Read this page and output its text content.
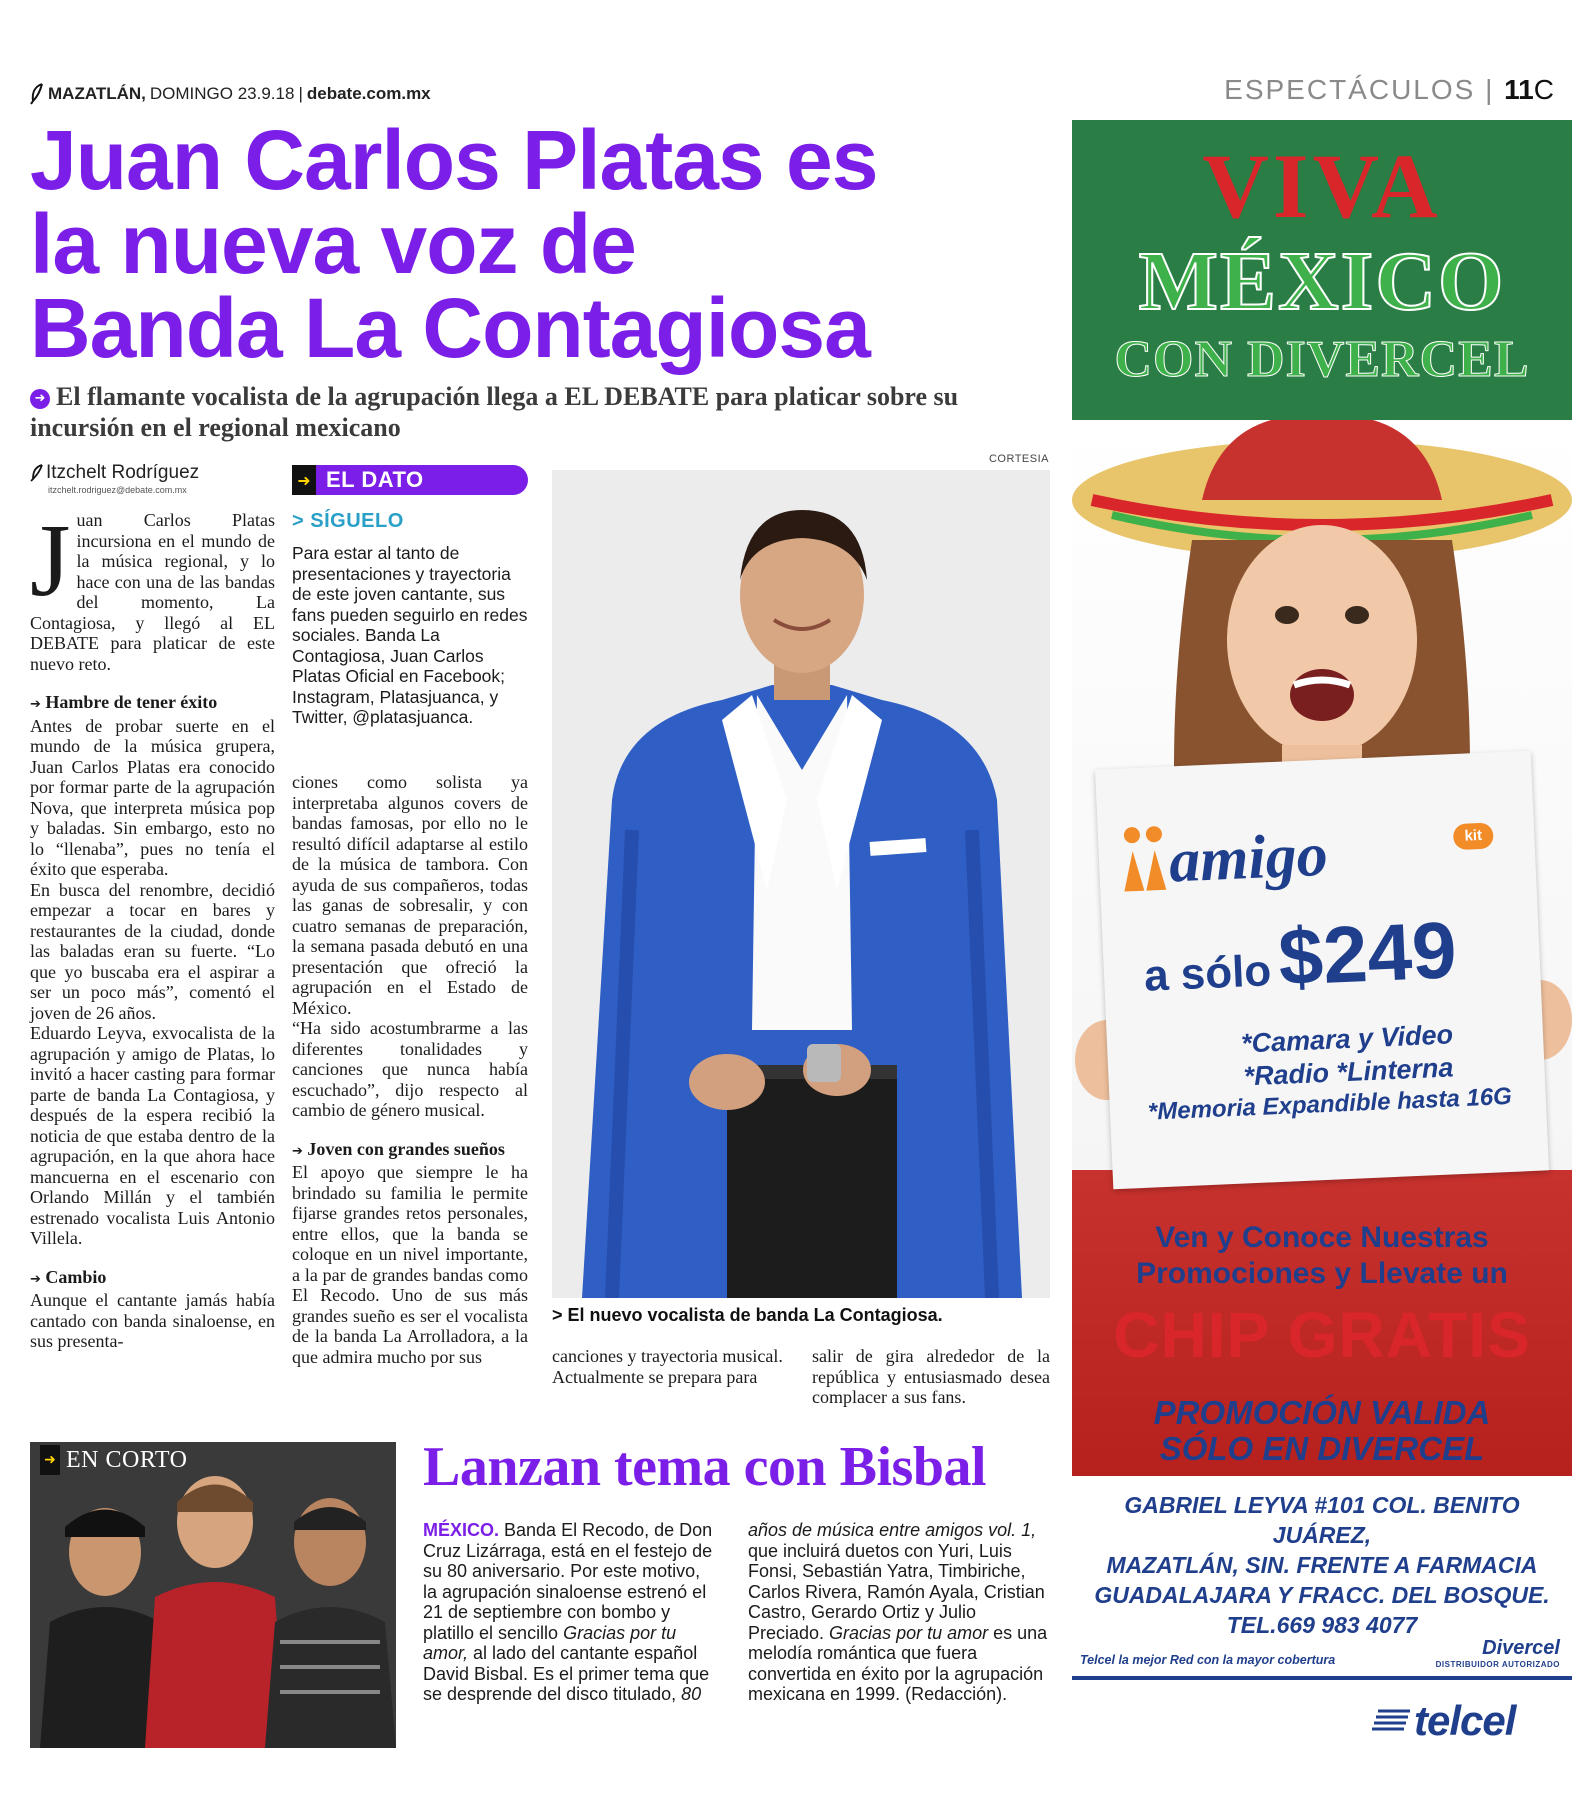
MAZATLÁN, DOMINGO 23.9.18 | debate.com.mx	ESPECTÁCULOS | 11C
Juan Carlos Platas es
la nueva voz de
Banda La Contagiosa
➜ El flamante vocalista de la agrupación llega a EL DEBATE para platicar sobre su incursión en el regional mexicano
Itzchelt Rodríguez
itzchelt.rodriguez@debate.com.mx

Juan Carlos Platas incursiona en el mundo de la música regional, y lo hace con una de las bandas del momento, La Contagiosa, y llegó al EL DEBATE para platicar de este nuevo reto.

➔ Hambre de tener éxito

Antes de probar suerte en el mundo de la música grupera, Juan Carlos Platas era conocido por formar parte de la agrupación Nova, que interpreta música pop y baladas. Sin embargo, esto no lo “llenaba”, pues no tenía el éxito que esperaba.

En busca del renombre, decidió empezar a tocar en bares y restaurantes de la ciudad, donde las baladas eran su fuerte. “Lo que yo buscaba era el aspirar a ser un poco más”, comentó el joven de 26 años.

Eduardo Leyva, exvocalista de la agrupación y amigo de Platas, lo invitó a hacer casting para formar parte de banda La Contagiosa, y después de la espera recibió la noticia de que estaba dentro de la agrupación, en la que ahora hace mancuerna en el escenario con Orlando Millán y el también estrenado vocalista Luis Antonio Villela.

➔ Cambio

Aunque el cantante jamás había cantado con banda sinaloense, en sus presenta-

➜ EL DATO
> SÍGUELO
Para estar al tanto de presentaciones y trayectoria de este joven cantante, sus fans pueden seguirlo en redes sociales. Banda La Contagiosa, Juan Carlos Platas Oficial en Facebook; Instagram, Platasjuanca, y Twitter, @platasjuanca.

ciones como solista ya interpretaba algunos covers de bandas famosas, por ello no le resultó difícil adaptarse al estilo de la música de tambora. Con ayuda de sus compañeros, todas las ganas de sobresalir, y con cuatro semanas de preparación, la semana pasada debutó en una presentación que ofreció la agrupación en el Estado de México.

“Ha sido acostumbrarme a las diferentes tonalidades y canciones que nunca había escuchado”, dijo respecto al cambio de género musical.

➔ Joven con grandes sueños

El apoyo que siempre le ha brindado su familia le permite fijarse grandes retos personales, entre ellos, que la banda se coloque en un nivel importante, a la par de grandes bandas como El Recodo. Uno de sus más grandes sueño es ser el vocalista de la banda La Arrolladora, a la que admira mucho por sus

CORTESIA
> El nuevo vocalista de banda La Contagiosa.

canciones y trayectoria musical.

Actualmente se prepara para

salir de gira alrededor de la república y entusiasmado desea complacer a sus fans.

➜ EN CORTO	Lanzan tema con Bisbal
MÉXICO. Banda El Recodo, de Don Cruz Lizárraga, está en el festejo de su 80 aniversario. Por este motivo, la agrupación sinaloense estrenó el 21 de septiembre con bombo y platillo el sencillo Gracias por tu amor, al lado del cantante español David Bisbal. Es el primer tema que se desprende del disco titulado, 80
años de música entre amigos vol. 1, que incluirá duetos con Yuri, Luis Fonsi, Sebastián Yatra, Timbiriche, Carlos Rivera, Ramón Ayala, Cristian Castro, Gerardo Ortiz y Julio Preciado. Gracias por tu amor es una melodía romántica que fuera convertida en éxito por la agrupación mexicana en 1999. (Redacción).
VIVA
MÉXICO
CON DIVERCEL
amigo	kit
a sólo$249
*Camara y Video
*Radio *Linterna
*Memoria Expandible hasta 16G
Ven y Conoce Nuestras
Promociones y Llevate un
CHIP GRATIS
PROMOCIÓN VALIDA
SÓLO EN DIVERCEL
GABRIEL LEYVA #101 COL. BENITO JUÁREZ,
MAZATLÁN, SIN. FRENTE A FARMACIA
GUADALAJARA Y FRACC. DEL BOSQUE.
TEL.669 983 4077
Telcel la mejor Red con la mayor cobertura
Divercel
DISTRIBUIDOR AUTORIZADO
telcel
